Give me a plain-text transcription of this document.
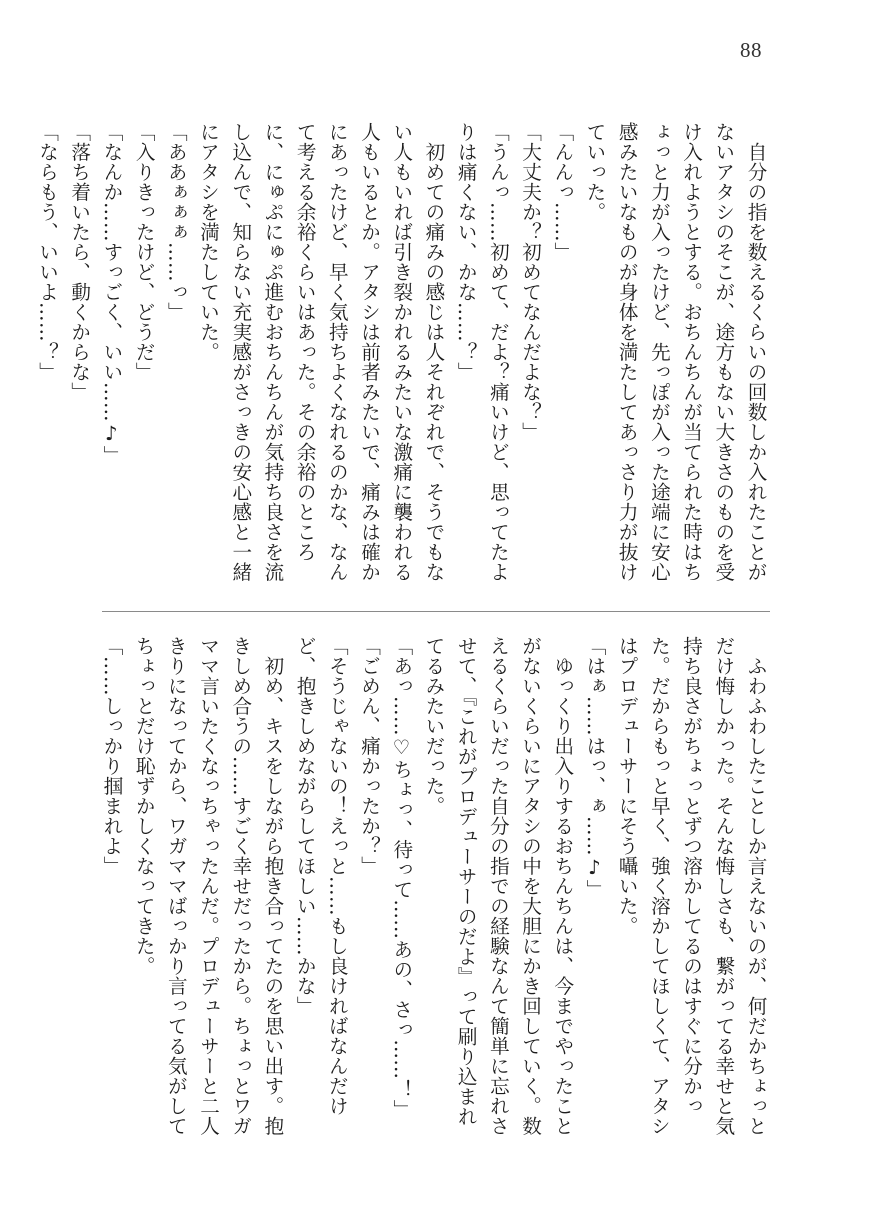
88

自分の指を数えるくらいの回数しか入れたことがないアタシのそこが、途方もない大きさのものを受け入れようとする。おちんちんが当てられた時はちょっと力が入ったけど、先っぽが入った途端に安心感みたいなものが身体を満たしてあっさり力が抜けていった。

「んんっ……」

「大丈夫か？初めてなんだよな？」

「うんっ……初めて、だよ？痛いけど、思ってたよりは痛くない、かな……？」

初めての痛みの感じは人それぞれで、そうでもない人もいれば引き裂かれるみたいな激痛に襲われる人もいるとか。アタシは前者みたいで、痛みは確かにあったけど、早く気持ちよくなれるのかな、なんて考える余裕くらいはあった。その余裕のところに、にゅぷにゅぷ進むおちんちんが気持ち良さを流し込んで、知らない充実感がさっきの安心感と一緒にアタシを満たしていた。

「ああぁぁぁ……っ」

「入りきったけど、どうだ」

「なんか……すっごく、いい……♪」

「落ち着いたら、動くからな」

「ならもう、いいよ……？」

ふわふわしたことしか言えないのが、何だかちょっとだけ悔しかった。そんな悔しさも、繋がってる幸せと気持ち良さがちょっとずつ溶かしてるのはすぐに分かった。だからもっと早く、強く溶かしてほしくて、アタシはプロデューサーにそう囁いた。

「はぁ……はっ、ぁ……♪」

ゆっくり出入りするおちんちんは、今までやったことがないくらいにアタシの中を大胆にかき回していく。数えるくらいだった自分の指での経験なんて簡単に忘れさせて、『これがプロデューサーのだよ』って刷り込まれてるみたいだった。

「あっ……♡ちょっ、待って……あの、さっ……！」

「ごめん、痛かったか？」

「そうじゃないの！えっと……もし良ければなんだけど、抱きしめながらしてほしい……かな」

初め、キスをしながら抱き合ってたのを思い出す。抱きしめ合うの……すごく幸せだったから。ちょっとワガママ言いたくなっちゃったんだ。プロデューサーと二人きりになってから、ワガママばっかり言ってる気がしてちょっとだけ恥ずかしくなってきた。

「……しっかり掴まれよ」
